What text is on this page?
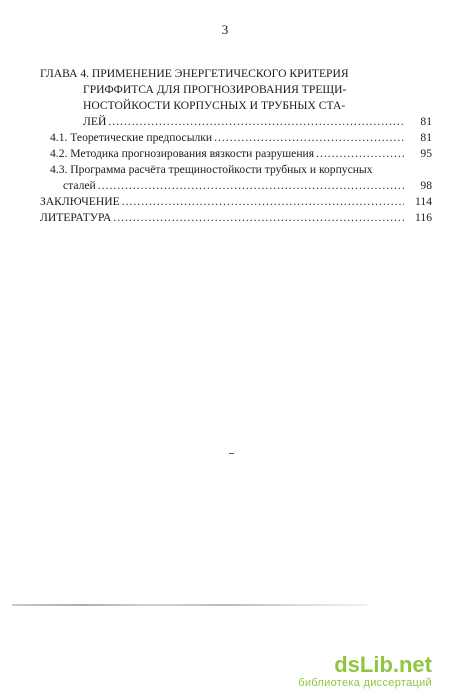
3
ГЛАВА 4. ПРИМЕНЕНИЕ ЭНЕРГЕТИЧЕСКОГО КРИТЕРИЯ
ГРИФФИТСА ДЛЯ ПРОГНОЗИРОВАНИЯ ТРЕЩИ-
НОСТОЙКОСТИ КОРПУСНЫХ И ТРУБНЫХ СТА-
ЛЕЙ .....	81
4.1. Теоретические предпосылки .....	81
4.2. Методика прогнозирования вязкости разрушения .....	95
4.3. Программа расчёта трещиностойкости трубных и корпусных
сталей .....	98
ЗАКЛЮЧЕНИЕ .....	114
ЛИТЕРАТУРА .....	116
dsLib.net
библиотека диссертаций
